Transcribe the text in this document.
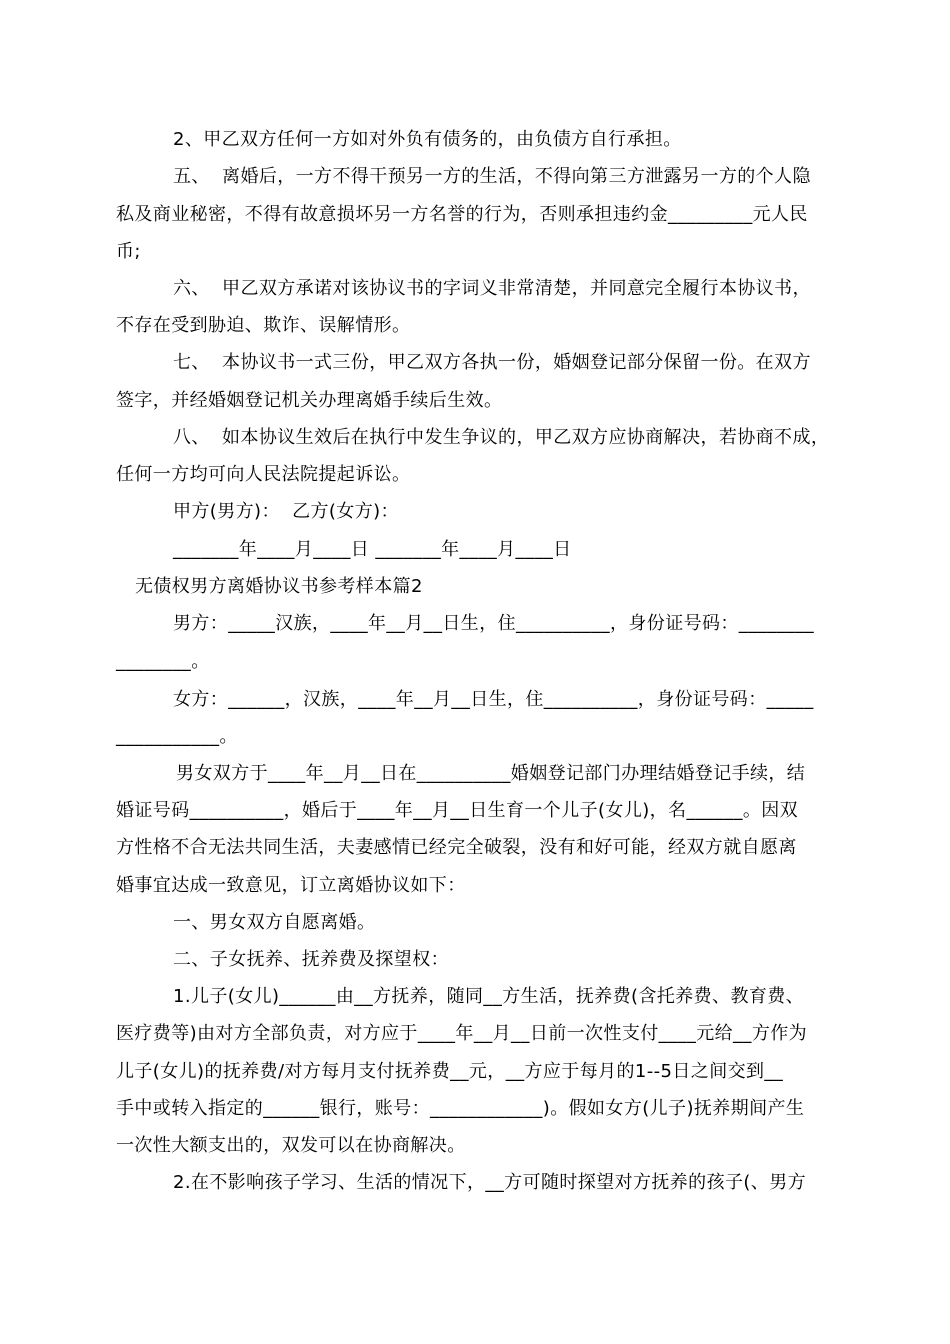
2、甲乙双方任何一方如对外负有债务的，由负债方自行承担。
五、  离婚后，一方不得干预另一方的生活，不得向第三方泄露另一方的个人隐
私及商业秘密，不得有故意损坏另一方名誉的行为，否则承担违约金_________元人民
币;
六、  甲乙双方承诺对该协议书的字词义非常清楚，并同意完全履行本协议书，
不存在受到胁迫、欺诈、误解情形。
七、  本协议书一式三份，甲乙双方各执一份，婚姻登记部分保留一份。在双方
签字，并经婚姻登记机关办理离婚手续后生效。
八、  如本协议生效后在执行中发生争议的，甲乙双方应协商解决，若协商不成，
任何一方均可向人民法院提起诉讼。
甲方(男方)：  乙方(女方)：
_______年____月____日 _______年____月____日
无债权男方离婚协议书参考样本篇2
男方：_____汉族，____年__月__日生，住__________，身份证号码：________
________。
女方：______，汉族，____年__月__日生，住__________，身份证号码：_____
___________。
男女双方于____年__月__日在__________婚姻登记部门办理结婚登记手续，结
婚证号码__________，婚后于____年__月__日生育一个儿子(女儿)，名______。因双
方性格不合无法共同生活，夫妻感情已经完全破裂，没有和好可能，经双方就自愿离
婚事宜达成一致意见，订立离婚协议如下：
一、男女双方自愿离婚。
二、子女抚养、抚养费及探望权：
1.儿子(女儿)______由__方抚养，随同__方生活，抚养费(含托养费、教育费、
医疗费等)由对方全部负责，对方应于____年__月__日前一次性支付____元给__方作为
儿子(女儿)的抚养费/对方每月支付抚养费__元，__方应于每月的1--5日之间交到__
手中或转入指定的______银行，账号：____________)。假如女方(儿子)抚养期间产生
一次性大额支出的，双发可以在协商解决。
2.在不影响孩子学习、生活的情况下，__方可随时探望对方抚养的孩子(、男方
